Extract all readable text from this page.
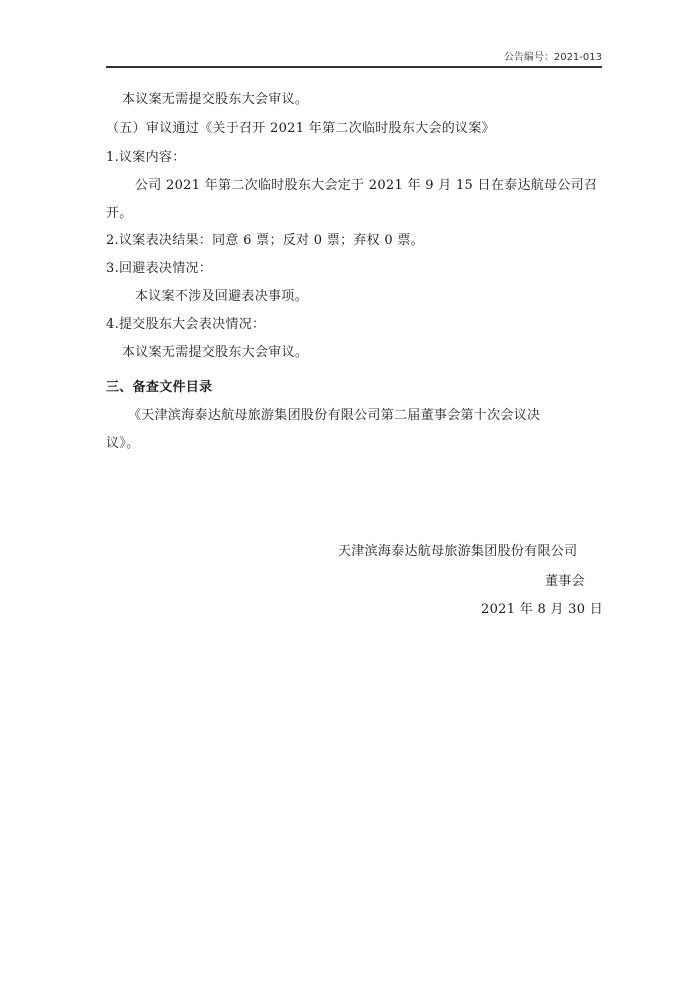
公告编号：2021-013
本议案无需提交股东大会审议。
（五）审议通过《关于召开 2021 年第二次临时股东大会的议案》
1.议案内容：
公司 2021 年第二次临时股东大会定于 2021 年 9 月 15 日在泰达航母公司召
开。
2.议案表决结果：同意 6 票；反对 0 票；弃权 0 票。
3.回避表决情况：
本议案不涉及回避表决事项。
4.提交股东大会表决情况：
本议案无需提交股东大会审议。
三、备查文件目录
《天津滨海泰达航母旅游集团股份有限公司第二届董事会第十次会议决
议》。
天津滨海泰达航母旅游集团股份有限公司
董事会
2021 年 8 月 30 日
